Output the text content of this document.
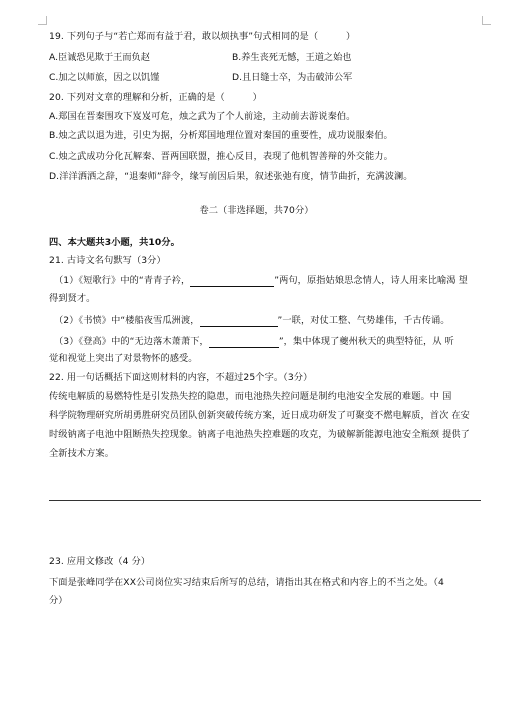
19. 下列句子与“若亡郑而有益于君，敢以烦执事”句式相同的是（　　　）
A.臣诚恐见欺于王而负赵	B.养生丧死无憾，王道之始也
C.加之以师旅，因之以饥馑	D.且日缝士卒，为击破沛公军
20. 下列对文章的理解和分析，正确的是（　　　）
A.郑国在晋秦围攻下岌岌可危，烛之武为了个人前途，主动前去游说秦伯。
B.烛之武以退为进，引史为据，分析郑国地理位置对秦国的重要性，成功说服秦伯。
C.烛之武成功分化瓦解秦、晋两国联盟，推心反目，表现了他机智善辩的外交能力。
D.洋洋洒洒之辞，“退秦师”辞令，缘写前因后果，叙述张弛有度，情节曲折，充满波澜。
卷二（非选择题，共70分）
四、本大题共3小题，共10分。
21. 古诗文名句默写（3分）
（1）《短歌行》中的“青青子衿，	”两句，原指姑娘思念情人，诗人用来比喻渴 望
得到贤才。
（2）《书愤》中“楼船夜雪瓜洲渡，	”一联，对仗工整、气势雄伟，千古传诵。
（3）《登高》中的“无边落木萧萧下，	”，集中体现了夔州秋天的典型特征，从 听
觉和视觉上突出了对景物怀的感受。
22. 用一句话概括下面这则材料的内容，不超过25个字。（3分）
传统电解质的易燃特性是引发热失控的隐患，而电池热失控问题是制约电池安全发展的难题。中 国
科学院物理研究所胡勇胜研究员团队创新突破传统方案，近日成功研发了可聚变不燃电解质，首次 在安
时级钠离子电池中阻断热失控现象。钠离子电池热失控难题的攻克，为破解新能源电池安全瓶颈 提供了
全新技术方案。
23. 应用文修改（4 分）
下面是张峰同学在XX公司岗位实习结束后所写的总结，请指出其在格式和内容上的不当之处。（4
分）
